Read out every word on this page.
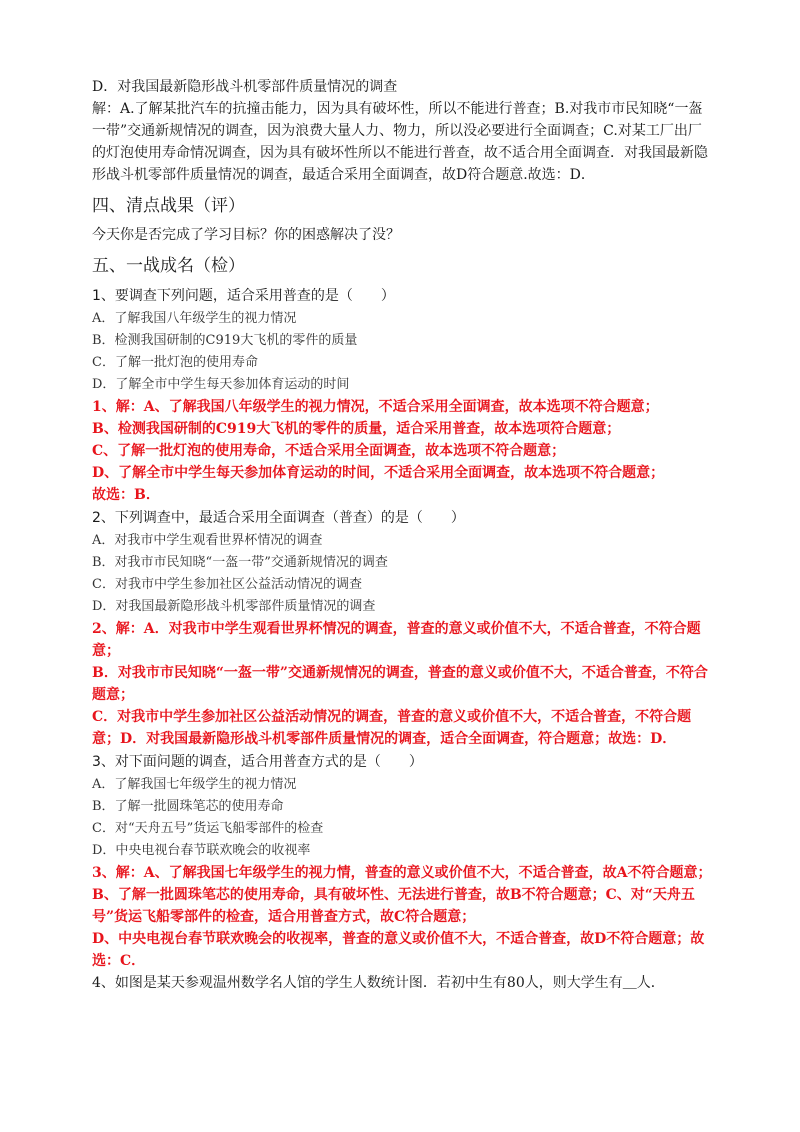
D．对我国最新隐形战斗机零部件质量情况的调查

解：A.了解某批汽车的抗撞击能力，因为具有破坏性，所以不能进行普查；B.对我市市民知晓“一盔一带”交通新规情况的调查，因为浪费大量人力、物力，所以没必要进行全面调查；C.对某工厂出厂的灯泡使用寿命情况调查，因为具有破坏性所以不能进行普查，故不适合用全面调查．对我国最新隐形战斗机零部件质量情况的调查，最适合采用全面调查，故D符合题意.故选：D．

四、清点战果（评）

今天你是否完成了学习目标？你的困惑解决了没？

五、一战成名（检）

1、要调查下列问题，适合采用普查的是（　　）

A．了解我国八年级学生的视力情况

B．检测我国研制的C919大飞机的零件的质量

C．了解一批灯泡的使用寿命

D．了解全市中学生每天参加体育运动的时间

1、解：A、了解我国八年级学生的视力情况，不适合采用全面调查，故本选项不符合题意；

B、检测我国研制的C919大飞机的零件的质量，适合采用普查，故本选项符合题意；

C、了解一批灯泡的使用寿命，不适合采用全面调查，故本选项不符合题意；

D、了解全市中学生每天参加体育运动的时间，不适合采用全面调查，故本选项不符合题意；

故选：B．

2、下列调查中，最适合采用全面调查（普查）的是（　　）

A．对我市中学生观看世界杯情况的调查

B．对我市市民知晓“一盔一带”交通新规情况的调查

C．对我市中学生参加社区公益活动情况的调查

D．对我国最新隐形战斗机零部件质量情况的调查

2、解：A．对我市中学生观看世界杯情况的调查，普查的意义或价值不大，不适合普查，不符合题意；

B．对我市市民知晓“一盔一带”交通新规情况的调查，普查的意义或价值不大，不适合普查，不符合题意；

C．对我市中学生参加社区公益活动情况的调查，普查的意义或价值不大，不适合普查，不符合题意；D．对我国最新隐形战斗机零部件质量情况的调查，适合全面调查，符合题意；故选：D．

3、对下面问题的调查，适合用普查方式的是（　　）

A．了解我国七年级学生的视力情况

B．了解一批圆珠笔芯的使用寿命

C．对“天舟五号”货运飞船零部件的检查

D．中央电视台春节联欢晚会的收视率

3、解：A、了解我国七年级学生的视力情，普查的意义或价值不大，不适合普查，故A不符合题意；

B、了解一批圆珠笔芯的使用寿命，具有破坏性、无法进行普查，故B不符合题意；C、对“天舟五号”货运飞船零部件的检查，适合用普查方式，故C符合题意；

D、中央电视台春节联欢晚会的收视率，普查的意义或价值不大，不适合普查，故D不符合题意；故选：C．

4、如图是某天参观温州数学名人馆的学生人数统计图．若初中生有80人，则大学生有＿人．
